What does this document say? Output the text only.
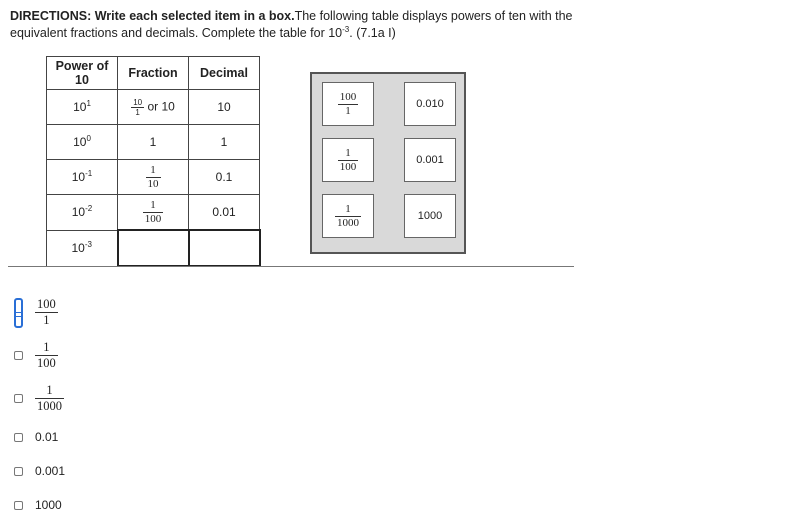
DIRECTIONS: Write each selected item in a box.The following table displays powers of ten with the equivalent fractions and decimals. Complete the table for $10^{-3}$. (7.1a I)
Power of 10	Fraction	Decimal
$10^1$	$\frac{10}{1}$ or 10	10
$10^0$	1	1
$10^{-1}$	$\frac{1}{10}$	0.1
$10^{-2}$	$\frac{1}{100}$	0.01
$10^{-3}$		
$\frac{100}{1}$	0.010
$\frac{1}{100}$	0.001
$\frac{1}{1000}$	1000
$\frac{100}{1}$
$\frac{1}{100}$
$\frac{1}{1000}$
0.01
0.001
1000
